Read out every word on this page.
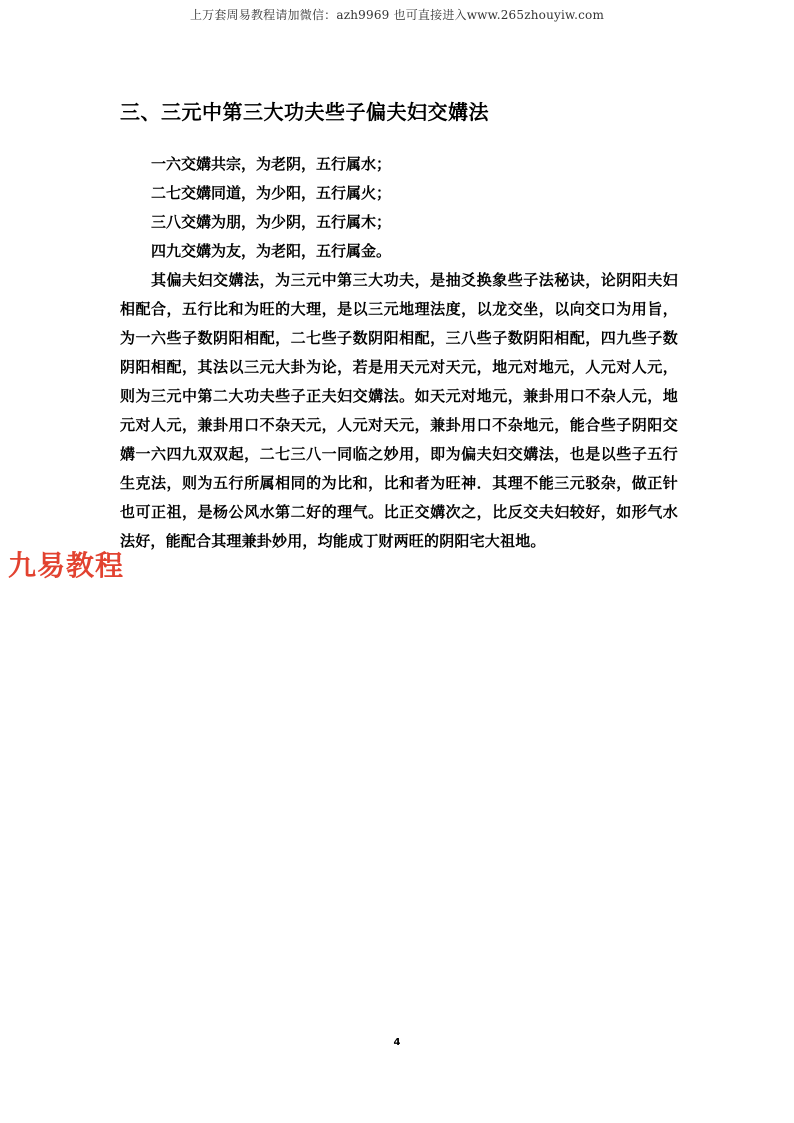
上万套周易教程请加微信：azh9969 也可直接进入www.265zhouyiw.com
三、三元中第三大功夫些子偏夫妇交媾法

一六交媾共宗，为老阴，五行属水；

二七交媾同道，为少阳，五行属火；

三八交媾为朋，为少阴，五行属木；

四九交媾为友，为老阳，五行属金。

其偏夫妇交媾法，为三元中第三大功夫，是抽爻换象些子法秘诀，论阴阳夫妇相配合，五行比和为旺的大理，是以三元地理法度，以龙交坐，以向交口为用旨，为一六些子数阴阳相配，二七些子数阴阳相配，三八些子数阴阳相配，四九些子数阴阳相配，其法以三元大卦为论，若是用天元对天元，地元对地元，人元对人元，则为三元中第二大功夫些子正夫妇交媾法。如天元对地元，兼卦用口不杂人元，地元对人元，兼卦用口不杂天元，人元对天元，兼卦用口不杂地元，能合些子阴阳交媾一六四九双双起，二七三八一同临之妙用，即为偏夫妇交媾法，也是以些子五行生克法，则为五行所属相同的为比和，比和者为旺神．其理不能三元驳杂，做正针也可正祖，是杨公风水第二好的理气。比正交媾次之，比反交夫妇较好，如形气水法好，能配合其理兼卦妙用，均能成丁财两旺的阴阳宅大祖地。

九易教程
4
